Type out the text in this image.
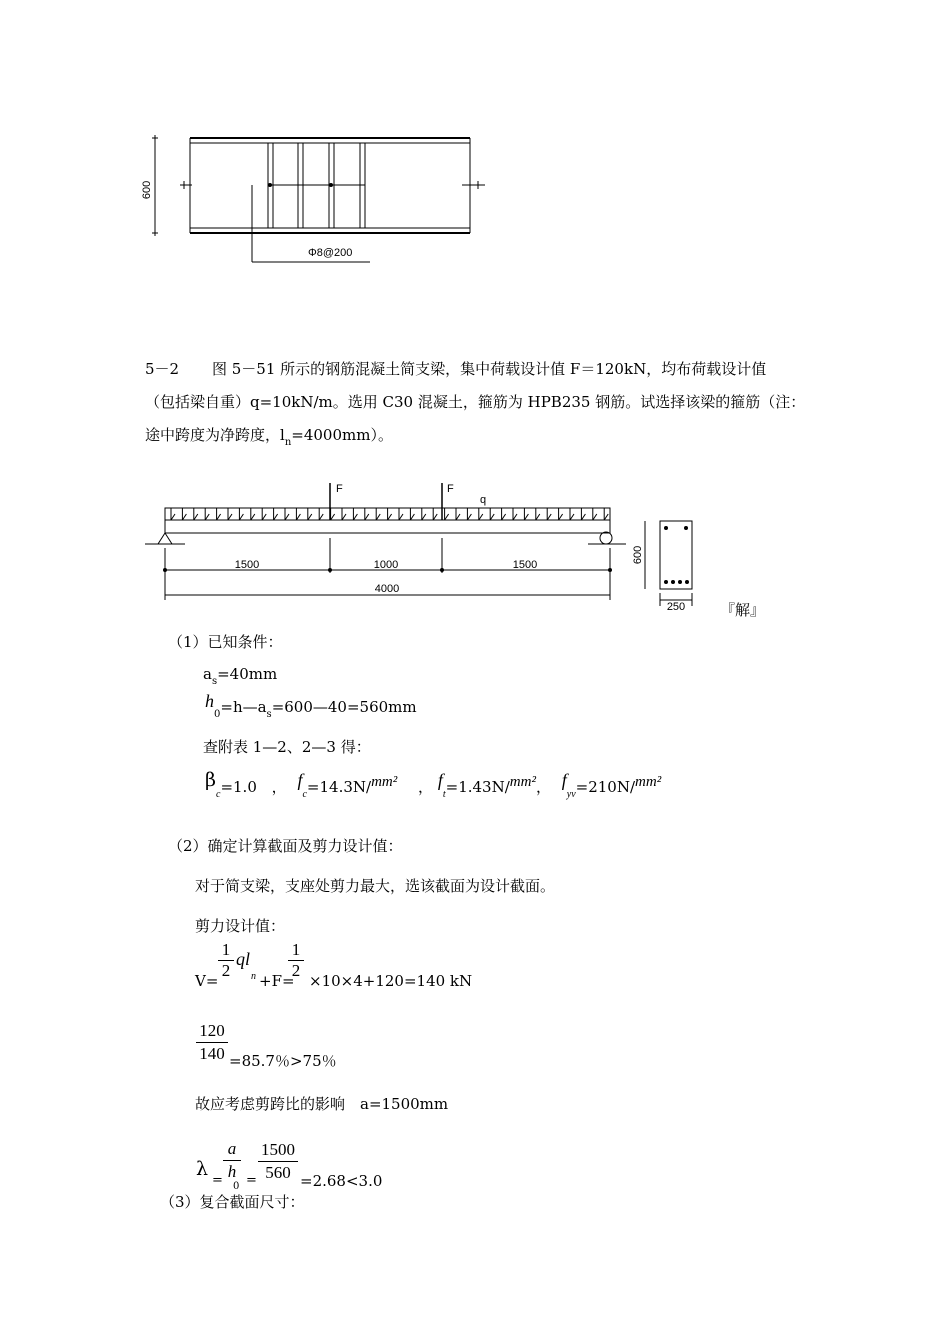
600
Φ8@200
5－2 图 5－51 所示的钢筋混凝土简支梁，集中荷载设计值 F＝120kN，均布荷载设计值
（包括梁自重）q=10kN/m。选用 C30 混凝土，箍筋为 HPB235 钢筋。试选择该梁的箍筋（注：
途中跨度为净跨度，$l_n=4000mm$）。
F	F
q
1500	1000	1500
4000
600
250 『解』
（1）已知条件：
$a_s=40mm$
$h_0=h—a_s=600—40=560mm$
查附表 1—2、2—3 得：
$\beta_c=1.0$ ， $f_c=14.3N$/mm² ， $f_t=1.43N$/mm²， $f_{yv}=210N$/mm²
（2）确定计算截面及剪力设计值：
对于简支梁，支座处剪力最大，选该截面为设计截面。
剪力设计值：
$V= \frac{1}{2}$ ql
n +F=
$\frac{1}{2} \times 10\times 4+120=140$ kN
$\frac{120}{140} =85.7$％>75％
故应考虑剪跨比的影响　a=1500mm
λ
= $\frac{a}{h}$
$0 = \frac{1500}{560} =2.68<3.0$
（3）复合截面尺寸：
